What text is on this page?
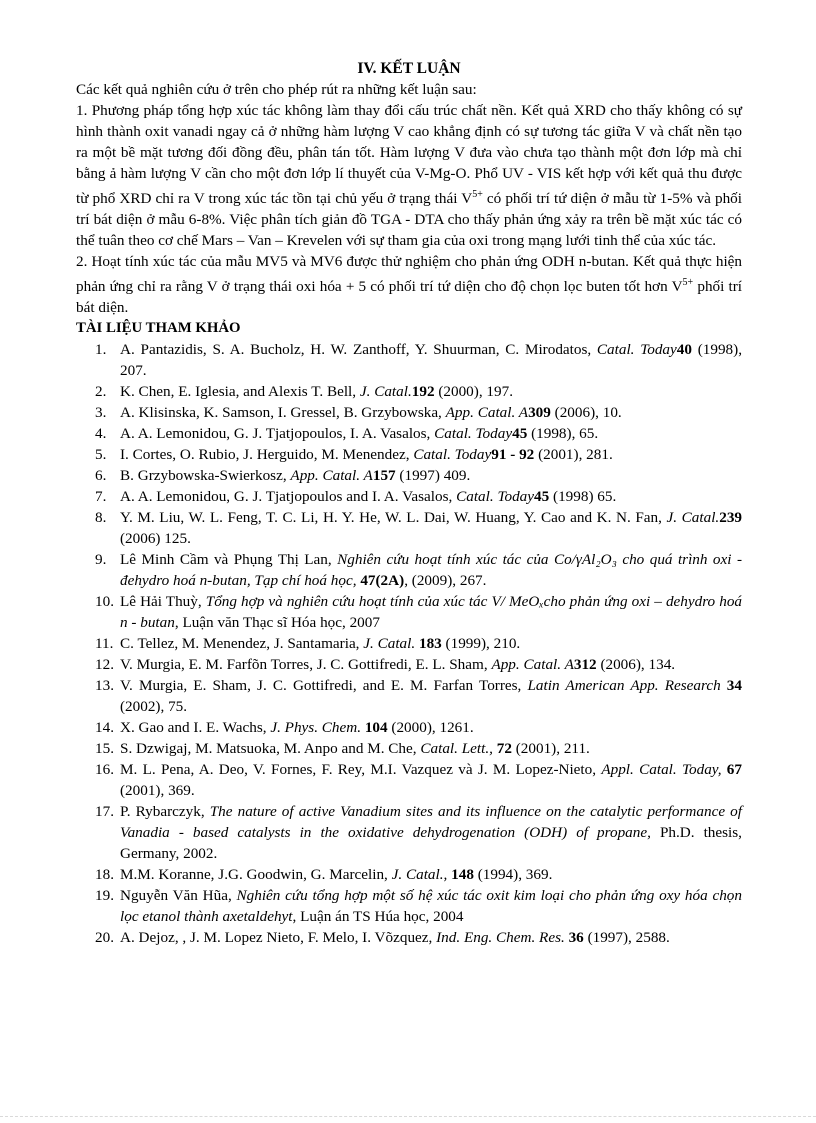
IV. KẾT LUẬN

Các kết quả nghiên cứu ở trên cho phép rút ra những kết luận sau:

1. Phương pháp tổng hợp xúc tác không làm thay đổi cấu trúc chất nền. Kết quả XRD cho thấy không có sự hình thành oxit vanadi ngay cả ở những hàm lượng V cao khẳng định có sự tương tác giữa V và chất nền tạo ra một bề mặt tương đối đồng đều, phân tán tốt. Hàm lượng V đưa vào chưa tạo thành một đơn lớp mà chỉ bằng ả hàm lượng V cần cho một đơn lớp lí thuyết của V-Mg-O. Phổ UV - VIS kết hợp với kết quả thu được từ phổ XRD chỉ ra V trong xúc tác tồn tại chủ yếu ở trạng thái $V^{5+}$ có phối trí tứ diện ở mẫu từ 1-5% và phối trí bát diện ở mẫu 6-8%. Việc phân tích giản đồ TGA - DTA cho thấy phản ứng xảy ra trên bề mặt xúc tác có thể tuân theo cơ chế Mars – Van – Krevelen với sự tham gia của oxi trong mạng lưới tinh thể của xúc tác.

2. Hoạt tính xúc tác của mẫu MV5 và MV6 được thử nghiệm cho phản ứng ODH n-butan. Kết quả thực hiện phản ứng chỉ ra rằng V ở trạng thái oxi hóa + 5 có phối trí tứ diện cho độ chọn lọc buten tốt hơn $V^{5+}$ phối trí bát diện.

TÀI LIỆU THAM KHẢO

1. A. Pantazidis, S. A. Bucholz, H. W. Zanthoff, Y. Shuurman, C. Mirodatos, Catal. Today40 (1998), 207.
2. K. Chen, E. Iglesia, and Alexis T. Bell, J. Catal.192 (2000), 197.
3. A. Klisinska, K. Samson, I. Gressel, B. Grzybowska, App. Catal. A309 (2006), 10.
4. A. A. Lemonidou, G. J. Tjatjopoulos, I. A. Vasalos, Catal. Today45 (1998), 65.
5. I. Cortes, O. Rubio, J. Herguido, M. Menendez, Catal. Today91 - 92 (2001), 281.
6. B. Grzybowska-Swierkosz, App. Catal. A157 (1997) 409.
7. A. A. Lemonidou, G. J. Tjatjopoulos and I. A. Vasalos, Catal. Today45 (1998) 65.
8. Y. M. Liu, W. L. Feng, T. C. Li, H. Y. He, W. L. Dai, W. Huang, Y. Cao and K. N. Fan, J. Catal.239 (2006) 125.
9. Lê Minh Cầm và Phụng Thị Lan, Nghiên cứu hoạt tính xúc tác của Co/γAl₂O₃ cho quá trình oxi - đehydro hoá n-butan, Tạp chí hoá học, 47(2A), (2009), 267.
10. Lê Hải Thuỳ, Tổng hợp và nghiên cứu hoạt tính của xúc tác V/ MeOₓcho phản ứng oxi – dehydro hoá n - butan, Luận văn Thạc sĩ Hóa học, 2007
11. C. Tellez, M. Menendez, J. Santamaria, J. Catal. 183 (1999), 210.
12. V. Murgia, E. M. Farfõn Torres, J. C. Gottifredi, E. L. Sham, App. Catal. A312 (2006), 134.
13. V. Murgia, E. Sham, J. C. Gottifredi, and E. M. Farfan Torres, Latin American App. Research 34 (2002), 75.
14. X. Gao and I. E. Wachs, J. Phys. Chem. 104 (2000), 1261.
15. S. Dzwigaj, M. Matsuoka, M. Anpo and M. Che, Catal. Lett., 72 (2001), 211.
16. M. L. Pena, A. Deo, V. Fornes, F. Rey, M.I. Vazquez và J. M. Lopez-Nieto, Appl. Catal. Today, 67 (2001), 369.
17. P. Rybarczyk, The nature of active Vanadium sites and its influence on the catalytic performance of Vanadia - based catalysts in the oxidative dehydrogenation (ODH) of propane, Ph.D. thesis, Germany, 2002.
18. M.M. Koranne, J.G. Goodwin, G. Marcelin, J. Catal., 148 (1994), 369.
19. Nguyễn Văn Hũa, Nghiên cứu tổng hợp một số hệ xúc tác oxit kim loại cho phản ứng oxy hóa chọn lọc etanol thành axetaldehyt, Luận án TS Húa học, 2004
20. A. Dejoz, , J. M. Lopez Nieto, F. Melo, I. Võzquez, Ind. Eng. Chem. Res. 36 (1997), 2588.
